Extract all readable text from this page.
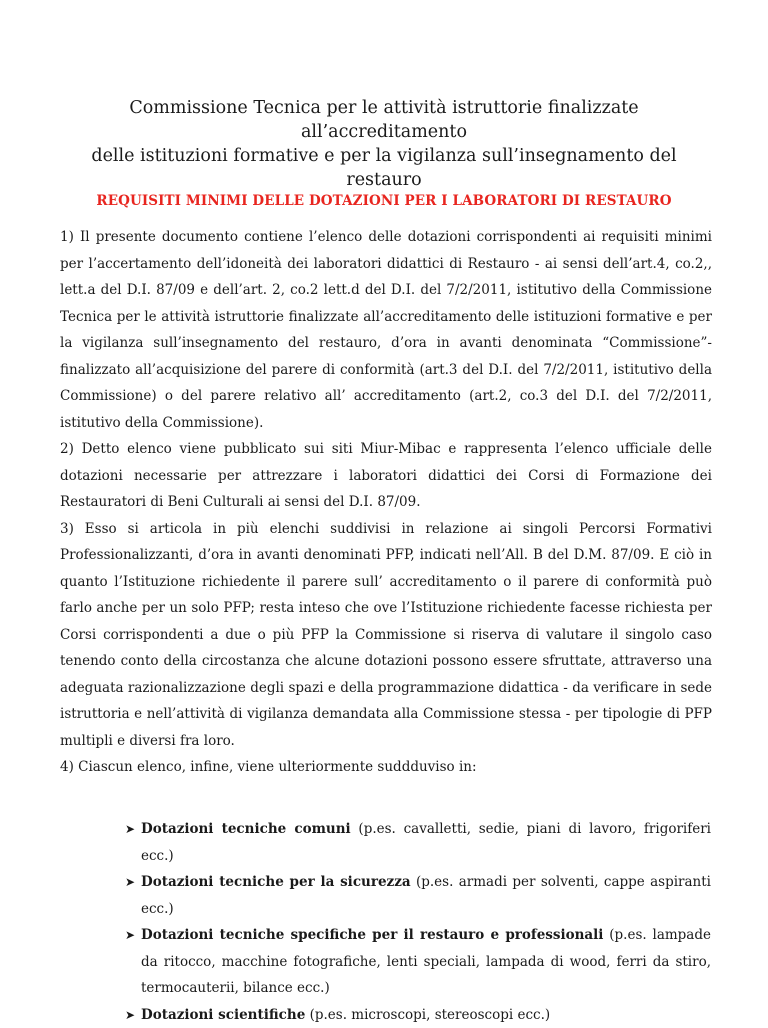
Commissione Tecnica per le attività istruttorie finalizzate all’accreditamento
delle istituzioni formative e per la vigilanza sull’insegnamento del restauro
REQUISITI MINIMI DELLE DOTAZIONI PER I LABORATORI DI RESTAURO

1) Il presente documento contiene l’elenco delle dotazioni corrispondenti ai requisiti minimi per l’accertamento dell’idoneità dei laboratori didattici di Restauro - ai sensi dell’art.4, co.2,, lett.a del D.I. 87/09 e dell’art. 2, co.2 lett.d del D.I. del 7/2/2011, istitutivo della Commissione Tecnica per le attività istruttorie finalizzate all’accreditamento delle istituzioni formative e per la vigilanza sull’insegnamento del restauro, d’ora in avanti denominata “Commissione”-finalizzato all’acquisizione del parere di conformità (art.3 del D.I. del 7/2/2011, istitutivo della Commissione) o del parere relativo all’ accreditamento (art.2, co.3 del D.I. del 7/2/2011, istitutivo della Commissione).

2) Detto elenco viene pubblicato sui siti Miur-Mibac e rappresenta l’elenco ufficiale delle dotazioni necessarie per attrezzare i laboratori didattici dei Corsi di Formazione dei Restauratori di Beni Culturali ai sensi del D.I. 87/09.

3) Esso si articola in più elenchi suddivisi in relazione ai singoli Percorsi Formativi Professionalizzanti, d’ora in avanti denominati PFP, indicati nell’All. B del D.M. 87/09. E ciò in quanto l’Istituzione richiedente il parere sull’ accreditamento o il parere di conformità può farlo anche per un solo PFP; resta inteso che ove l’Istituzione richiedente facesse richiesta per Corsi corrispondenti a due o più PFP la Commissione si riserva di valutare il singolo caso tenendo conto della circostanza che alcune dotazioni possono essere sfruttate, attraverso una adeguata razionalizzazione degli spazi e della programmazione didattica - da verificare in sede istruttoria e nell’attività di vigilanza demandata alla Commissione stessa - per tipologie di PFP multipli e diversi fra loro.

4) Ciascun elenco, infine, viene ulteriormente suddduviso in:

➤ Dotazioni tecniche comuni (p.es. cavalletti, sedie, piani di lavoro, frigoriferi ecc.)
➤ Dotazioni tecniche per la sicurezza (p.es. armadi per solventi, cappe aspiranti ecc.)
➤ Dotazioni tecniche specifiche per il restauro e professionali (p.es. lampade da ritocco, macchine fotografiche, lenti speciali, lampada di wood, ferri da stiro, termocauterii, bilance ecc.)
➤ Dotazioni scientifiche (p.es. microscopi, stereoscopi ecc.)
